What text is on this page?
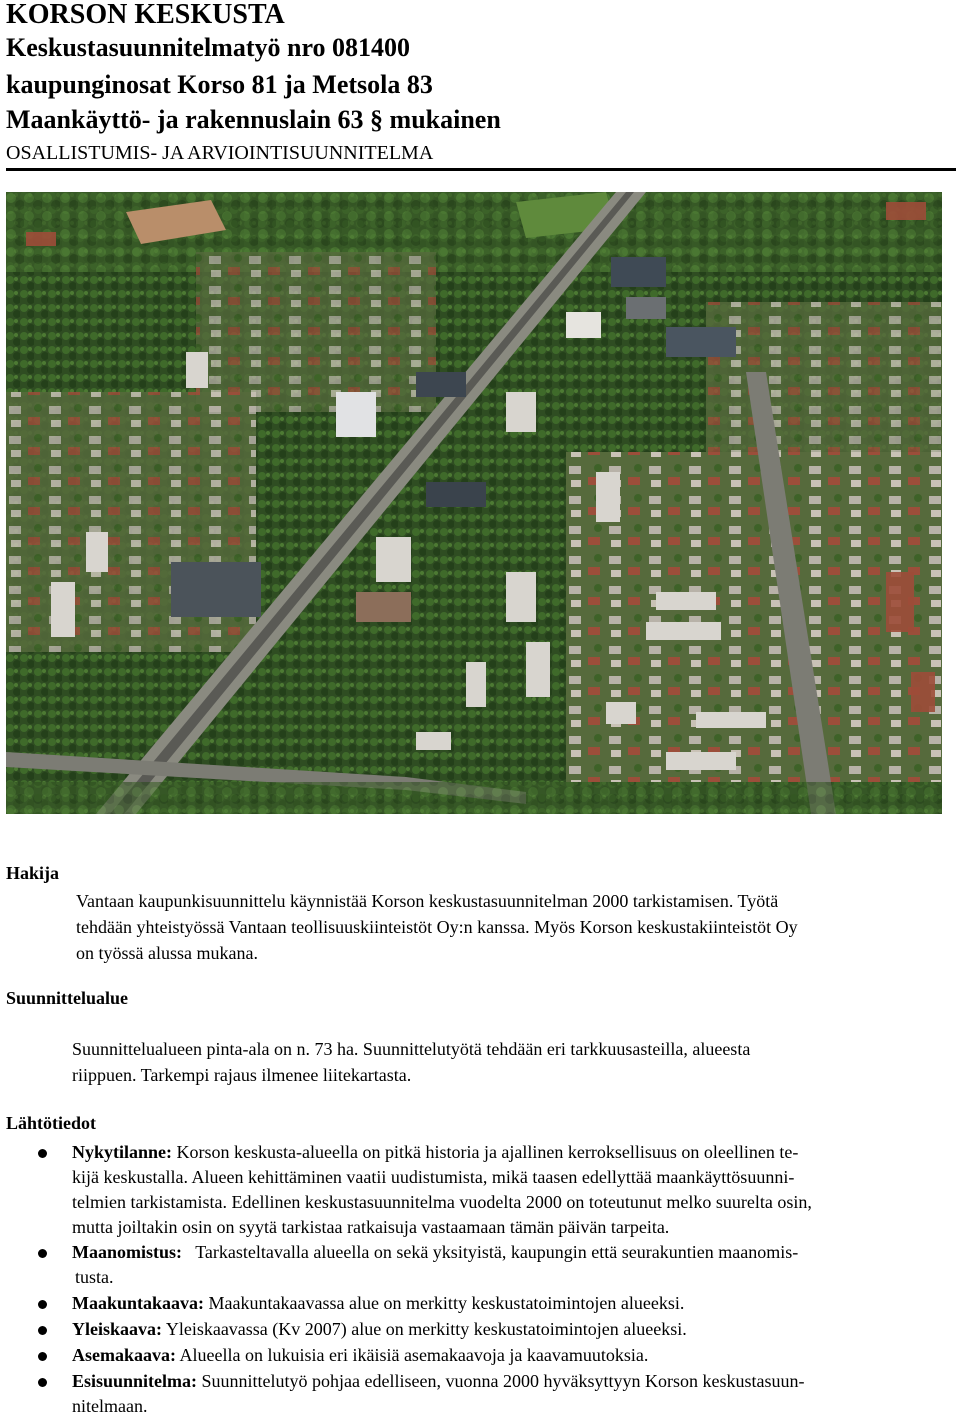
KORSON KESKUSTA
Keskustasuunnitelmatyö nro 081400
kaupunginosat Korso 81 ja Metsola 83
Maankäyttö- ja rakennuslain 63 § mukainen
OSALLISTUMIS- JA ARVIOINTISUUNNITELMA
Hakija
Vantaan kaupunkisuunnittelu käynnistää Korson keskustasuunnitelman 2000 tarkistamisen. Työtä
tehdään yhteistyössä Vantaan teollisuuskiinteistöt Oy:n kanssa. Myös Korson keskustakiinteistöt Oy
on työssä alussa mukana.
Suunnittelualue
Suunnittelualueen pinta-ala on n. 73 ha. Suunnittelutyötä tehdään eri tarkkuusasteilla, alueesta
riippuen. Tarkempi rajaus ilmenee liitekartasta.
Lähtötiedot
Nykytilanne: Korson keskusta-alueella on pitkä historia ja ajallinen kerroksellisuus on oleellinen te-
kijä keskustalla. Alueen kehittäminen vaatii uudistumista, mikä taasen edellyttää maankäyttösuunni-
telmien tarkistamista. Edellinen keskustasuunnitelma vuodelta 2000 on toteutunut melko suurelta osin,
mutta joiltakin osin on syytä tarkistaa ratkaisuja vastaamaan tämän päivän tarpeita.
Maanomistus:   Tarkasteltavalla alueella on sekä yksityistä, kaupungin että seurakuntien maanomis-
tusta.
Maakuntakaava: Maakuntakaavassa alue on merkitty keskustatoimintojen alueeksi.
Yleiskaava: Yleiskaavassa (Kv 2007) alue on merkitty keskustatoimintojen alueeksi.
Asemakaava: Alueella on lukuisia eri ikäisiä asemakaavoja ja kaavamuutoksia.
Esisuunnitelma: Suunnittelutyö pohjaa edelliseen, vuonna 2000 hyväksyttyyn Korson keskustasuun-
nitelmaan.
